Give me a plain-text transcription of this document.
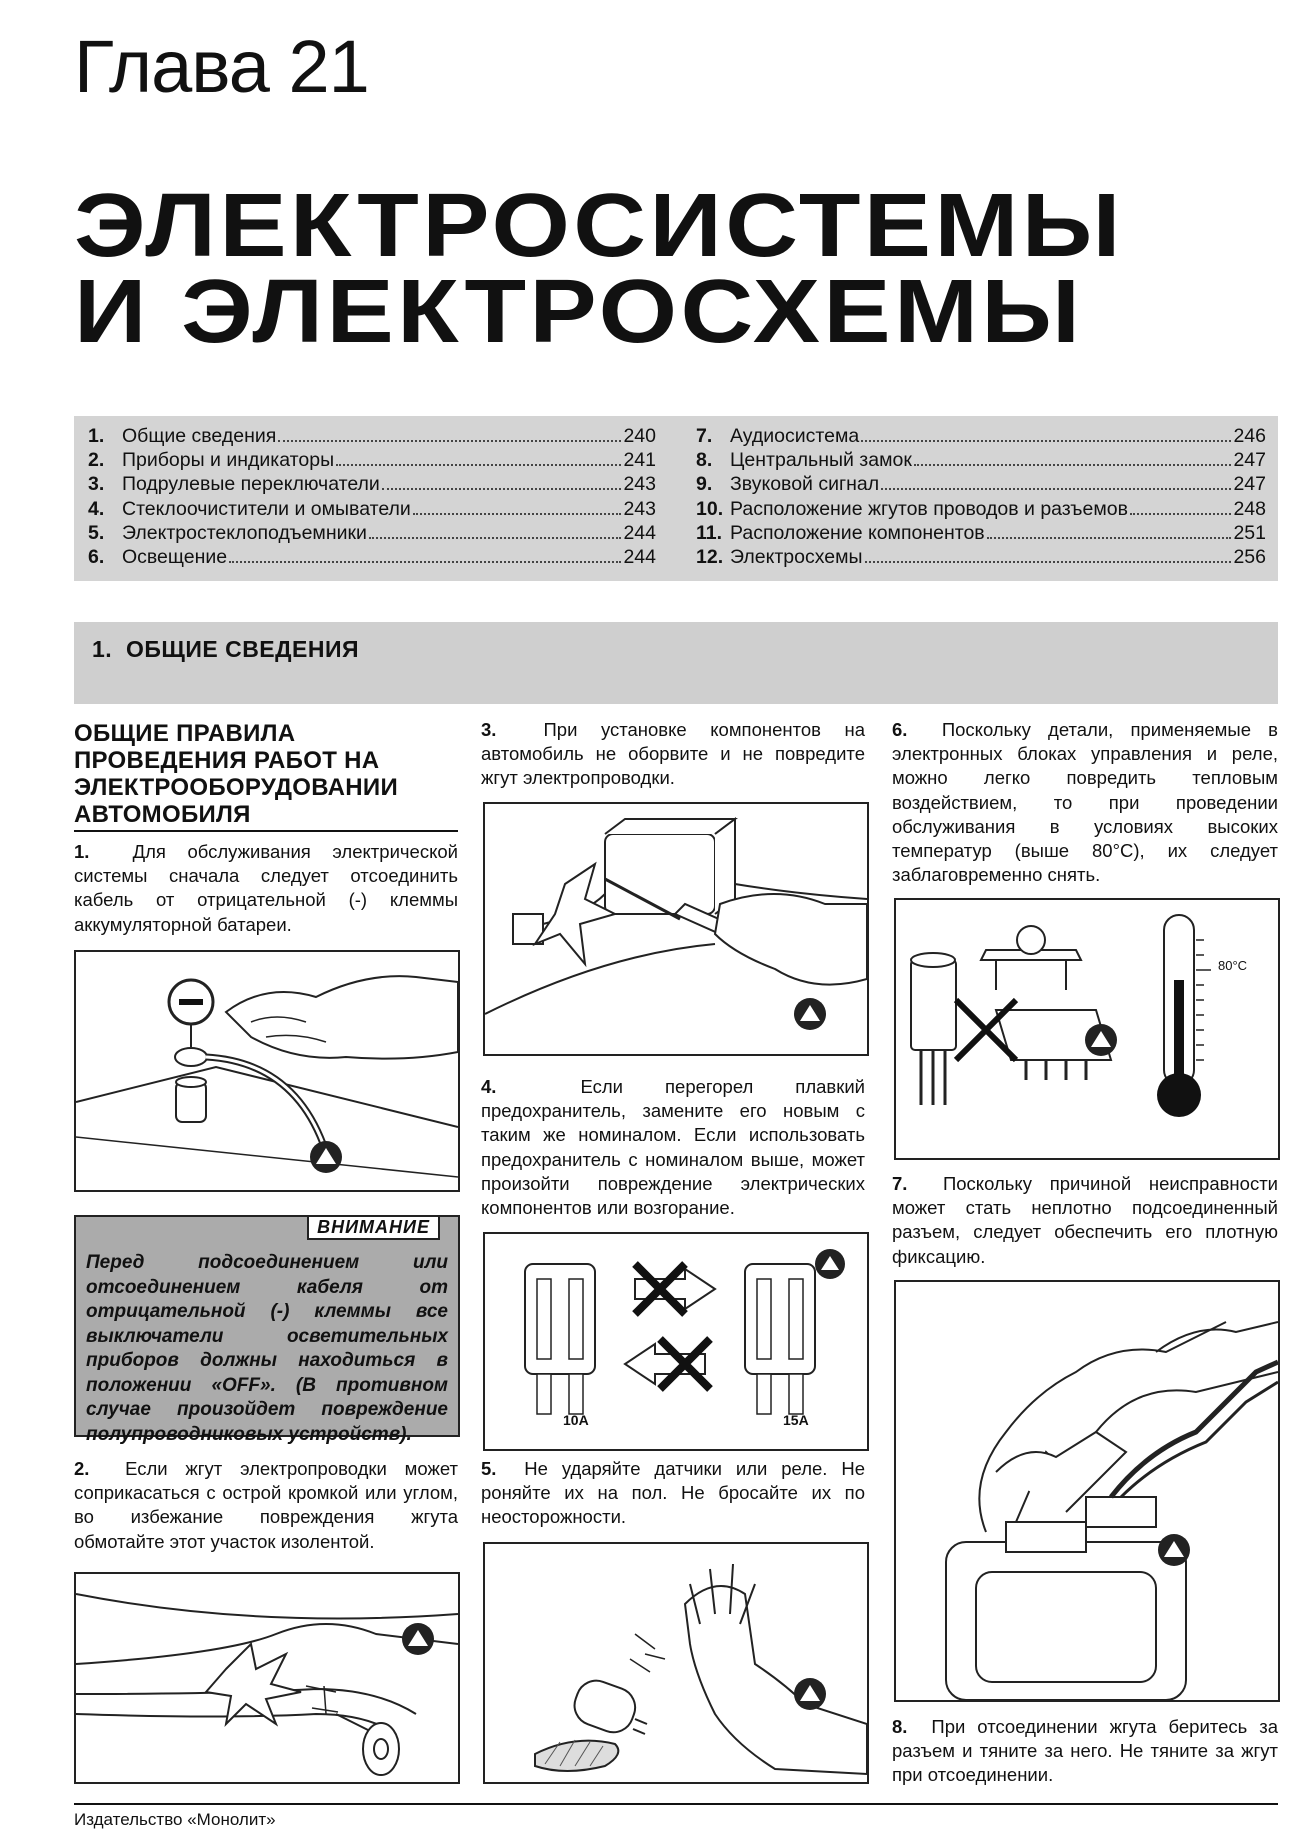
Глава 21
ЭЛЕКТРОСИСТЕМЫ
И ЭЛЕКТРОСХЕМЫ
1. Общие сведения	240
2. Приборы и индикаторы	241
3. Подрулевые переключатели	243
4. Стеклоочистители и омыватели	243
5. Электростеклоподъемники	244
6. Освещение	244
7. Аудиосистема	246
8. Центральный замок	247
9. Звуковой сигнал	247
10. Расположение жгутов проводов и разъемов	248
11. Расположение компонентов	251
12. Электросхемы	256
1. ОБЩИЕ СВЕДЕНИЯ
ОБЩИЕ ПРАВИЛА ПРОВЕДЕНИЯ РАБОТ НА ЭЛЕКТРООБОРУДОВАНИИ АВТОМОБИЛЯ
1. Для обслуживания электрической системы сначала следует отсоединить кабель от отрицательной (-) клеммы аккумуляторной батареи.
ВНИМАНИЕ
Перед подсоединением или отсоединением кабеля от отрицательной (-) клеммы все выключатели осветительных приборов должны находиться в положении «OFF». (В противном случае произойдет повреждение полупроводниковых устройств).
2. Если жгут электропроводки может соприкасаться с острой кромкой или углом, во избежание повреждения жгута обмотайте этот участок изолентой.
3.	При установке компонентов на автомобиль не оборвите и не повредите жгут электропроводки.
4.	Если перегорел плавкий предохранитель, замените его новым с таким же номиналом. Если использовать предохранитель с номиналом выше, может произойти повреждение электрических компонентов или возгорание.
10A	15A
5. Не ударяйте датчики или реле. Не роняйте их на пол. Не бросайте их по неосторожности.
6. Поскольку детали, применяемые в электронных блоках управления и реле, можно легко повредить тепловым воздействием, то при проведении обслуживания в условиях высоких температур (выше 80°C), их следует заблаговременно снять.
80°C
7. Поскольку причиной неисправности может стать неплотно подсоединенный разъем, следует обеспечить его плотную фиксацию.
8. При отсоединении жгута беритесь за разъем и тяните за него. Не тяните за жгут при отсоединении.
Издательство «Монолит»
